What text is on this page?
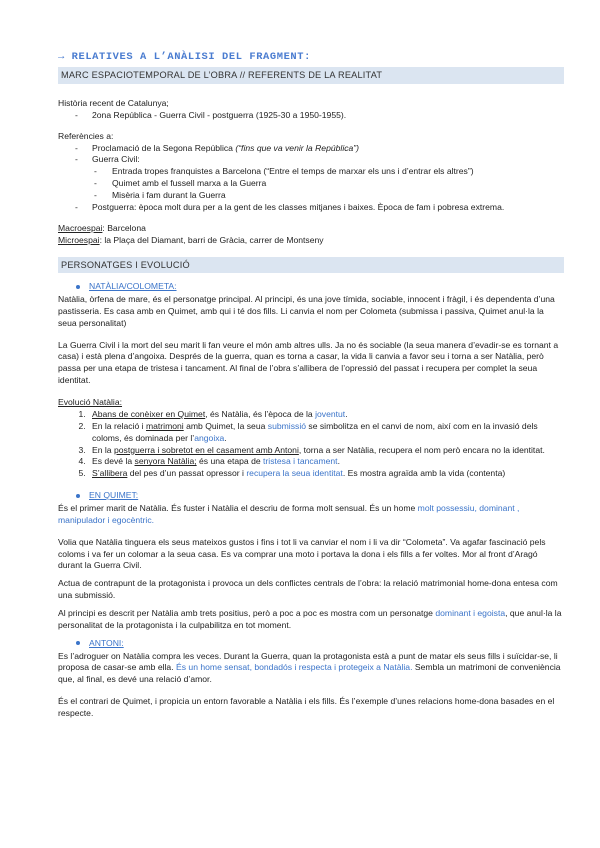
→ RELATIVES A L’ANÀLISI DEL FRAGMENT:
MARC ESPACIOTEMPORAL DE L’OBRA // REFERENTS DE LA REALITAT

Història recent de Catalunya;

- 2ona República - Guerra Civil - postguerra (1925-30 a 1950-1955).

Referències a:

- Proclamació de la Segona República (“fins que va venir la República”)
- Guerra Civil:
- Entrada tropes franquistes a Barcelona (“Entre el temps de marxar els uns i d’entrar els altres”)
- Quimet amb el fussell marxa a la Guerra
- Misèria i fam durant la Guerra
- Postguerra: època molt dura per a la gent de les classes mitjanes i baixes. Època de fam i pobresa extrema.

Macroespai: Barcelona

Microespai: la Plaça del Diamant, barri de Gràcia, carrer de Montseny

PERSONATGES I EVOLUCIÓ
NATÀLIA/COLOMETA:

Natàlia, òrfena de mare, és el personatge principal. Al principi, és una jove tímida, sociable, innocent i fràgil, i és dependenta d’una pastisseria. Es casa amb en Quimet, amb qui i té dos fills. Li canvia el nom per Colometa (submissa i passiva, Quimet anul·la la seua personalitat)

La Guerra Civil i la mort del seu marit li fan veure el món amb altres ulls. Ja no és sociable (la seua manera d’evadir-se es tornant a casa) i està plena d’angoixa. Després de la guerra, quan es torna a casar, la vida li canvia a favor seu i torna a ser Natàlia, però passa per una etapa de tristesa i tancament. Al final de l’obra s’allibera de l’opressió del passat i recupera per complet la seua identitat.

Evolució Natàlia:

1. Abans de conèixer en Quimet, és Natàlia, és l’època de la joventut.
2. En la relació i matrimoni amb Quimet, la seua submissió se simbolitza en el canvi de nom, així com en la invasió dels coloms, és dominada per l’angoixa.
3. En la postguerra i sobretot en el casament amb Antoni, torna a ser Natàlia, recupera el nom però encara no la identitat.
4. Es devé la senyora Natàlia; és una etapa de tristesa i tancament.
5. S’allibera del pes d’un passat opressor i recupera la seua identitat. Es mostra agraïda amb la vida (contenta)
EN QUIMET:

És el primer marit de Natàlia. És fuster i Natàlia el descriu de forma molt sensual. És un home molt possessiu, dominant , manipulador i egocèntric.

Volia que Natàlia tinguera els seus mateixos gustos i fins i tot li va canviar el nom i li va dir “Colometa”. Va agafar fascinació pels coloms i va fer un colomar a la seua casa. Es va comprar una moto i portava la dona i els fills a fer voltes. Mor al front d’Aragó durant la Guerra Civil.

Actua de contrapunt de la protagonista i provoca un dels conflictes centrals de l’obra: la relació matrimonial home-dona entesa com una submissió.

Al principi es descrit per Natàlia amb trets positius, però a poc a poc es mostra com un personatge dominant i egoista, que anul·la la personalitat de la protagonista i la culpabilitza en tot moment.

ANTONI:

Es l’adroguer on Natàlia compra les veces. Durant la Guerra, quan la protagonista està a punt de matar els seus fills i suïcidar-se, li proposa de casar-se amb ella. És un home sensat, bondadós i respecta i protegeix a Natàlia. Sembla un matrimoni de conveniència que, al final, es devé una relació d’amor.

És el contrari de Quimet, i propicia un entorn favorable a Natàlia i els fills. És l’exemple d’unes relacions home-dona basades en el respecte.
